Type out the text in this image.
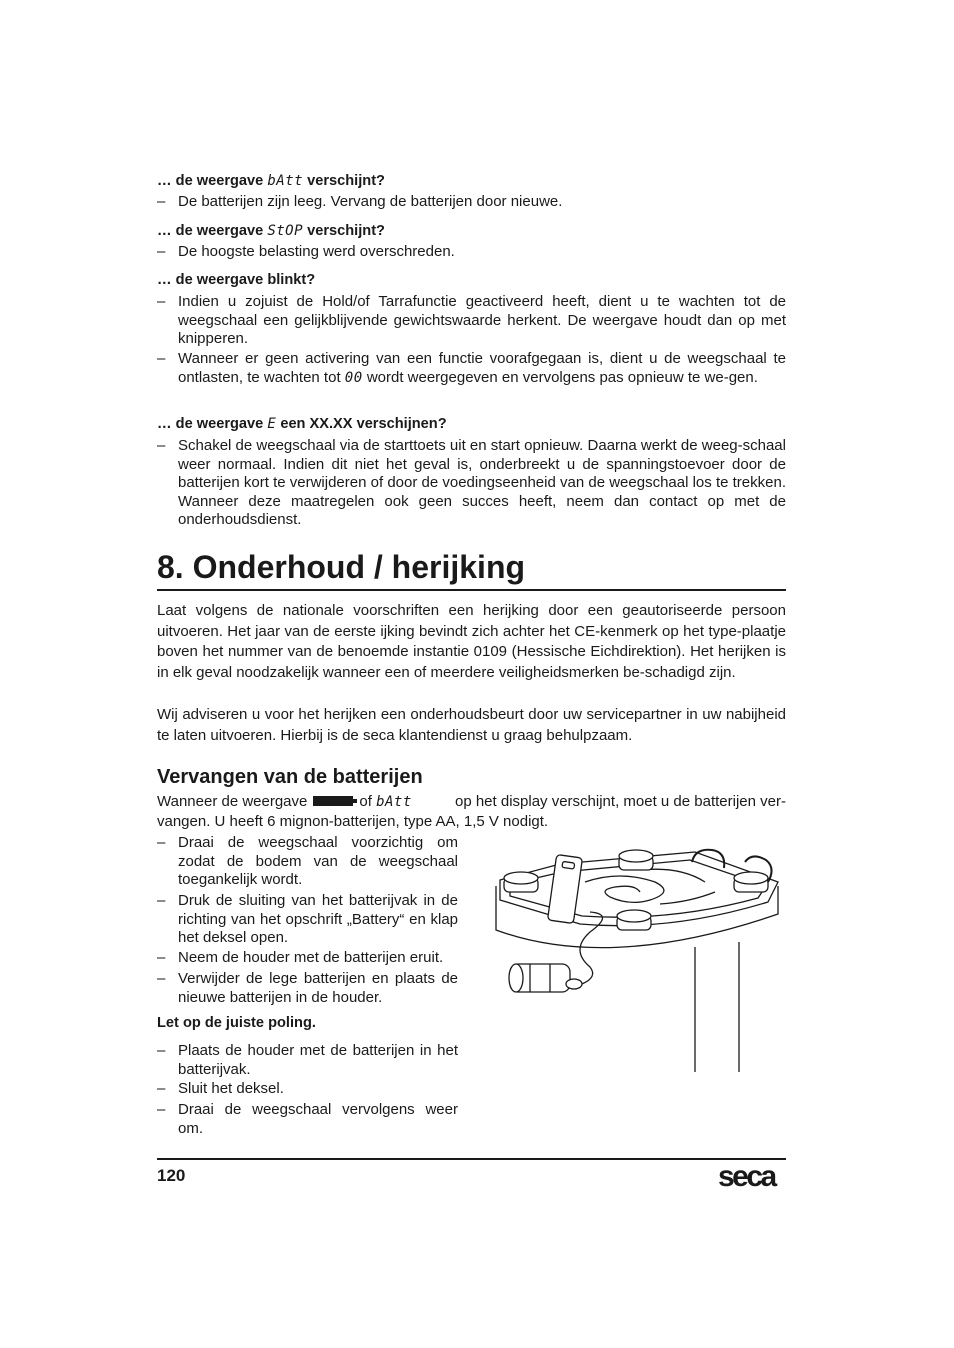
… de weergave bAtt verschijnt?
– De batterijen zijn leeg. Vervang de batterijen door nieuwe.
… de weergave StOP verschijnt?
– De hoogste belasting werd overschreden.
… de weergave blinkt?
– Indien u zojuist de Hold/of Tarrafunctie geactiveerd heeft, dient u te wachten tot de weegschaal een gelijkblijvende gewichtswaarde herkent. De weergave houdt dan op met knipperen.
– Wanneer er geen activering van een functie voorafgegaan is, dient u de weegschaal te ontlasten, te wachten tot 00 wordt weergegeven en vervolgens pas opnieuw te we-gen.
… de weergave E een XX.XX verschijnen?
– Schakel de weegschaal via de starttoets uit en start opnieuw. Daarna werkt de weeg-schaal weer normaal. Indien dit niet het geval is, onderbreekt u de spanningstoevoer door de batterijen kort te verwijderen of door de voedingseenheid van de weegschaal los te trekken. Wanneer deze maatregelen ook geen succes heeft, neem dan contact op met de onderhoudsdienst.
8. Onderhoud / herijking
Laat volgens de nationale voorschriften een herijking door een geautoriseerde persoon uitvoeren. Het jaar van de eerste ijking bevindt zich achter het CE-kenmerk op het type-plaatje boven het nummer van de benoemde instantie 0109 (Hessische Eichdirektion). Het herijken is in elk geval noodzakelijk wanneer een of meerdere veiligheidsmerken be-schadigd zijn.
Wij adviseren u voor het herijken een onderhoudsbeurt door uw servicepartner in uw nabijheid te laten uitvoeren. Hierbij is de seca klantendienst u graag behulpzaam.
Vervangen van de batterijen
Wanneer de weergave	of bAtt	op het display verschijnt, moet u de batterijen ver-
vangen. U heeft 6 mignon-batterijen, type AA, 1,5 V nodigt.
– Draai de weegschaal voorzichtig om zodat de bodem van de weegschaal toegankelijk wordt.
– Druk de sluiting van het batterijvak in de richting van het opschrift „Battery“ en klap het deksel open.
– Neem de houder met de batterijen eruit.
– Verwijder de lege batterijen en plaats de nieuwe batterijen in de houder.
Let op de juiste poling.
– Plaats de houder met de batterijen in het batterijvak.
– Sluit het deksel.
– Draai de weegschaal vervolgens weer om.
120	seca
